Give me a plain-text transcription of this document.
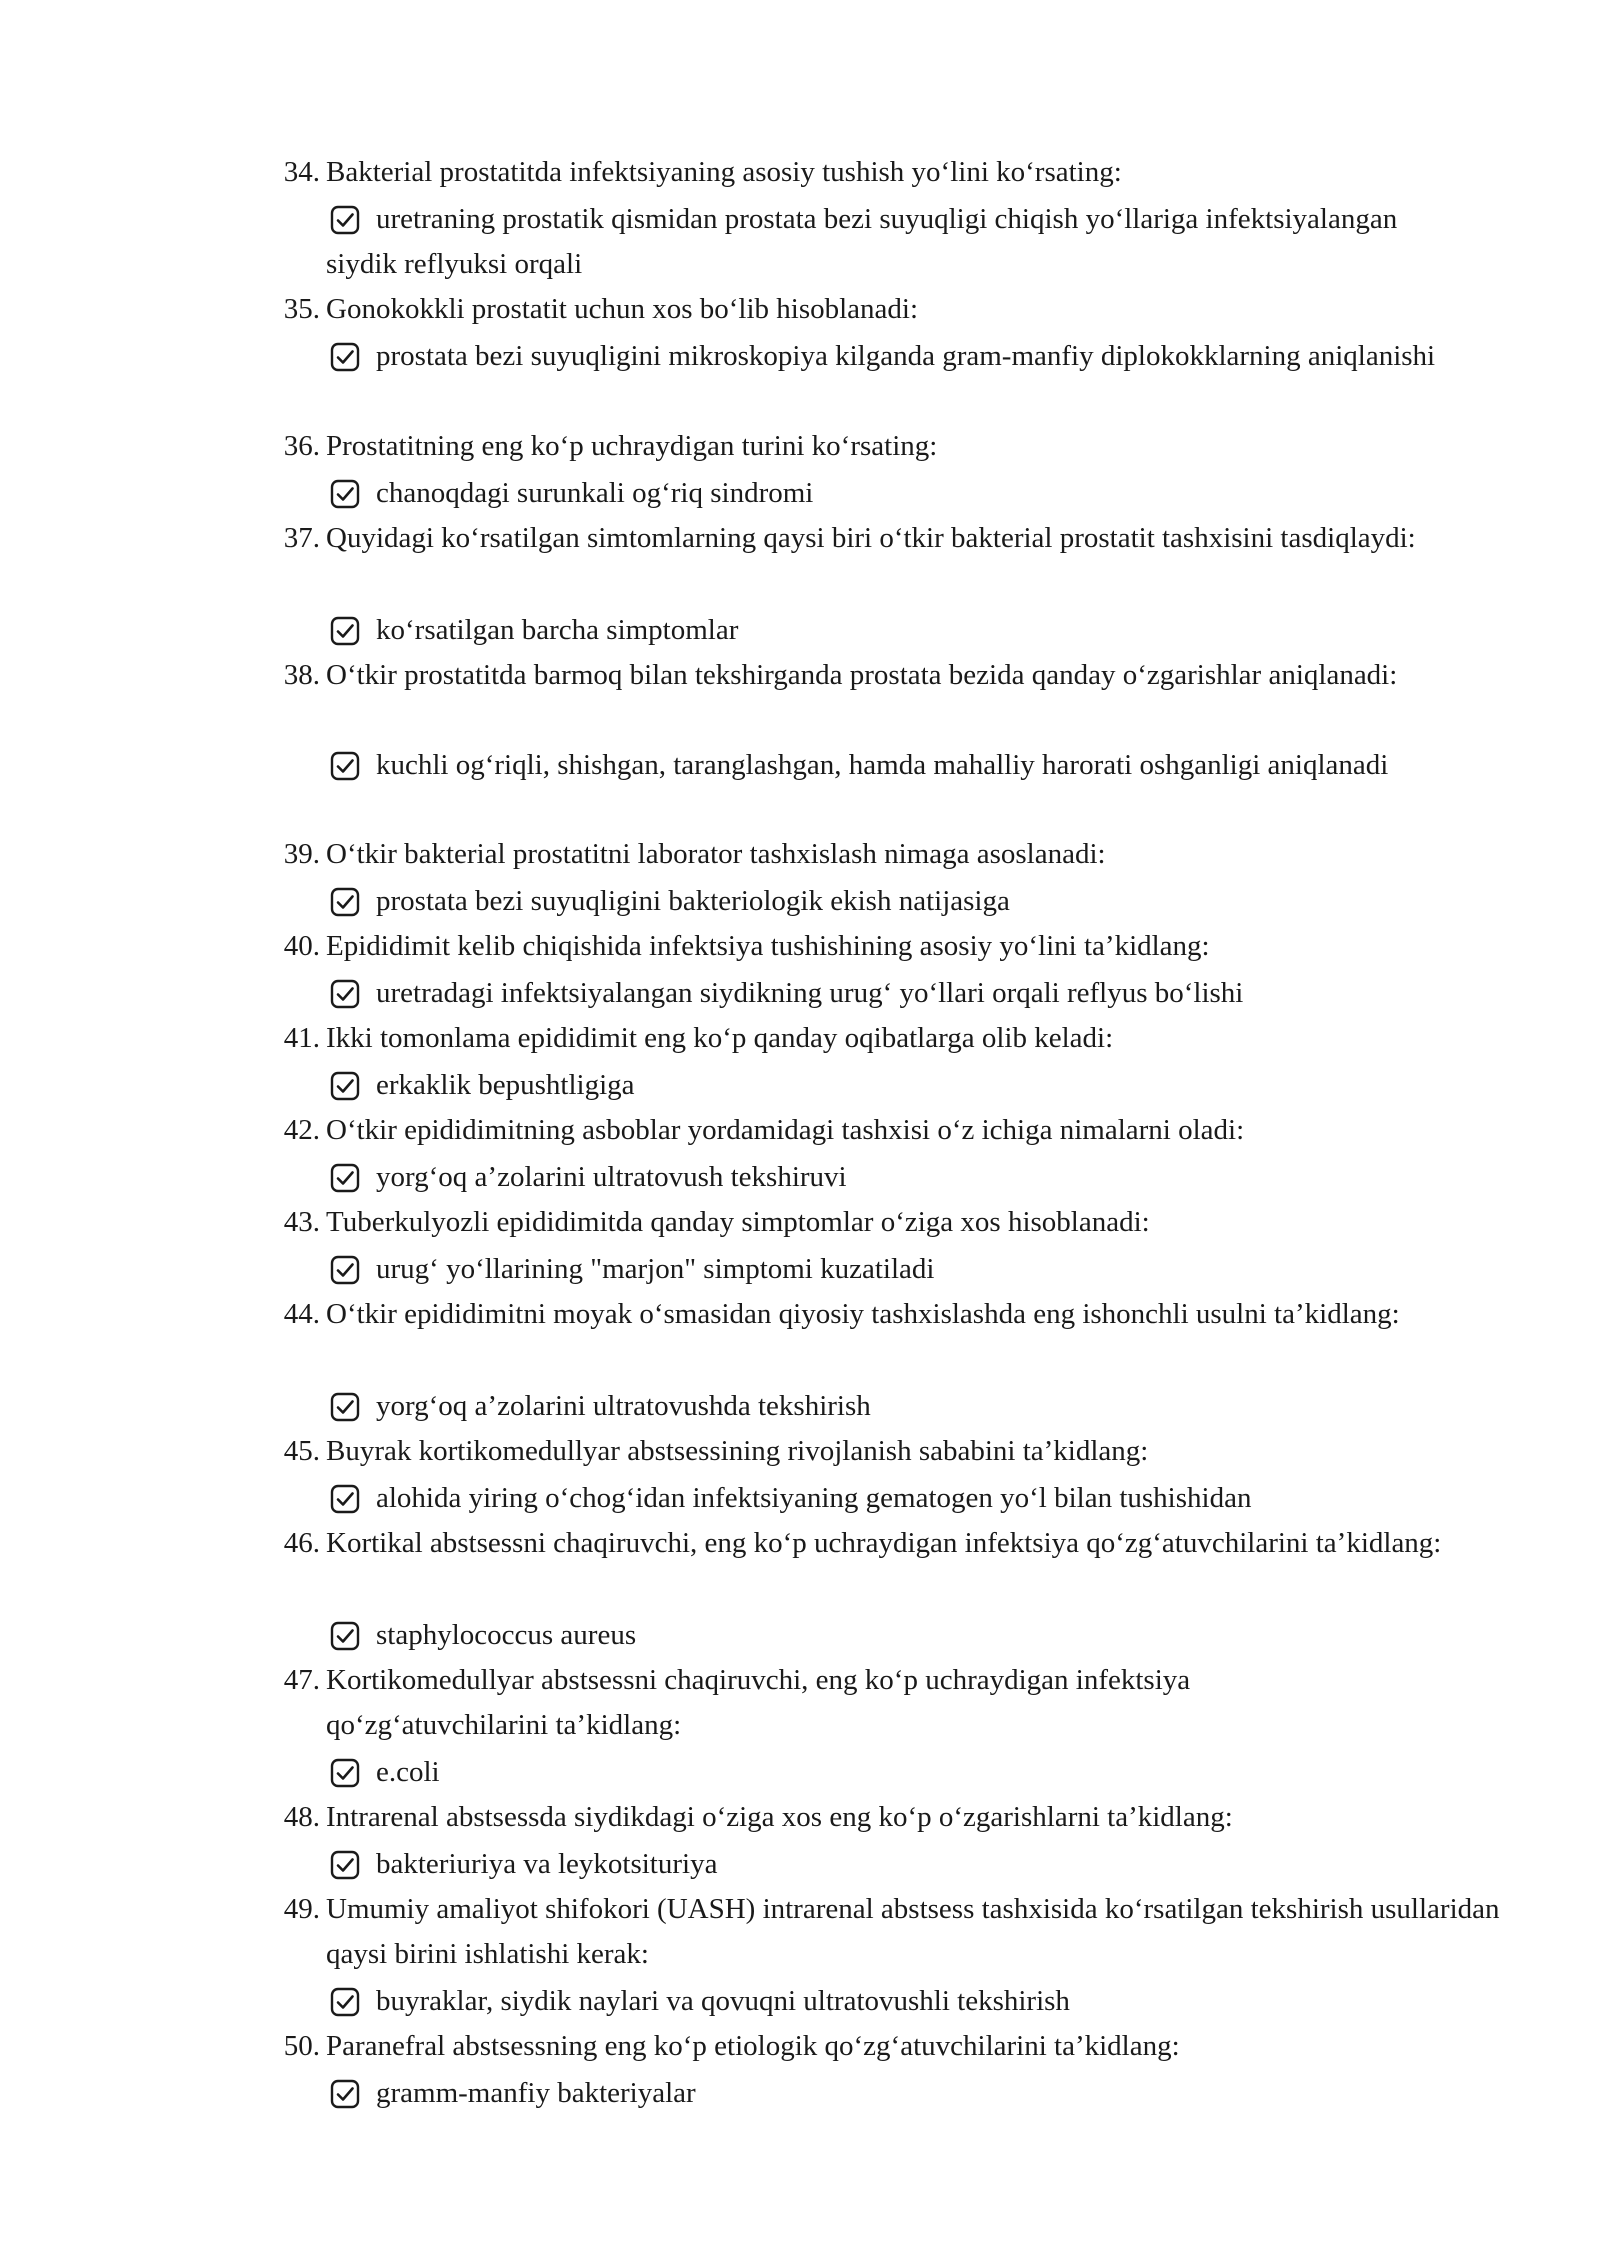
34. Bakterial prostatitda infektsiyaning asosiy tushish yo‘lini ko‘rsating:
uretraning prostatik qismidan prostata bezi suyuqligi chiqish yo‘llariga infektsiyalangan siydik reflyuksi orqali
35. Gonokokkli prostatit uchun xos bo‘lib hisoblanadi:
prostata bezi suyuqligini mikroskopiya kilganda gram-manfiy diplokokklarning aniqlanishi
36. Prostatitning eng ko‘p uchraydigan turini ko‘rsating:
chanoqdagi surunkali og‘riq sindromi
37. Quyidagi ko‘rsatilgan simtomlarning qaysi biri o‘tkir bakterial prostatit tashxisini tasdiqlaydi:
ko‘rsatilgan barcha simptomlar
38. O‘tkir prostatitda barmoq bilan tekshirganda prostata bezida qanday o‘zgarishlar aniqlanadi:
kuchli og‘riqli, shishgan, taranglashgan, hamda mahalliy harorati oshganligi aniqlanadi
39. O‘tkir bakterial prostatitni laborator tashxislash nimaga asoslanadi:
prostata bezi suyuqligini bakteriologik ekish natijasiga
40. Epididimit kelib chiqishida infektsiya tushishining asosiy yo‘lini ta’kidlang:
uretradagi infektsiyalangan siydikning urug‘ yo‘llari orqali reflyus bo‘lishi
41. Ikki tomonlama epididimit eng ko‘p qanday oqibatlarga olib keladi:
erkaklik bepushtligiga
42. O‘tkir epididimitning asboblar yordamidagi tashxisi o‘z ichiga nimalarni oladi:
yorg‘oq a’zolarini ultratovush tekshiruvi
43. Tuberkulyozli epididimitda qanday simptomlar o‘ziga xos hisoblanadi:
urug‘ yo‘llarining "marjon" simptomi kuzatiladi
44. O‘tkir epididimitni moyak o‘smasidan qiyosiy tashxislashda eng ishonchli usulni ta’kidlang:
yorg‘oq a’zolarini ultratovushda tekshirish
45. Buyrak kortikomedullyar abstsessining rivojlanish sababini ta’kidlang:
alohida yiring o‘chog‘idan infektsiyaning gematogen yo‘l bilan tushishidan
46. Kortikal abstsessni chaqiruvchi, eng ko‘p uchraydigan infektsiya qo‘zg‘atuvchilarini ta’kidlang:
staphylococcus aureus
47. Kortikomedullyar abstsessni chaqiruvchi, eng ko‘p uchraydigan infektsiya qo‘zg‘atuvchilarini ta’kidlang:
e.coli
48. Intrarenal abstsessda siydikdagi o‘ziga xos eng ko‘p o‘zgarishlarni ta’kidlang:
bakteriuriya va leykotsituriya
49. Umumiy amaliyot shifokori (UASH) intrarenal abstsess tashxisida ko‘rsatilgan tekshirish usullaridan qaysi birini ishlatishi kerak:
buyraklar, siydik naylari va qovuqni ultratovushli tekshirish
50. Paranefral abstsessning eng ko‘p etiologik qo‘zg‘atuvchilarini ta’kidlang:
gramm-manfiy bakteriyalar
